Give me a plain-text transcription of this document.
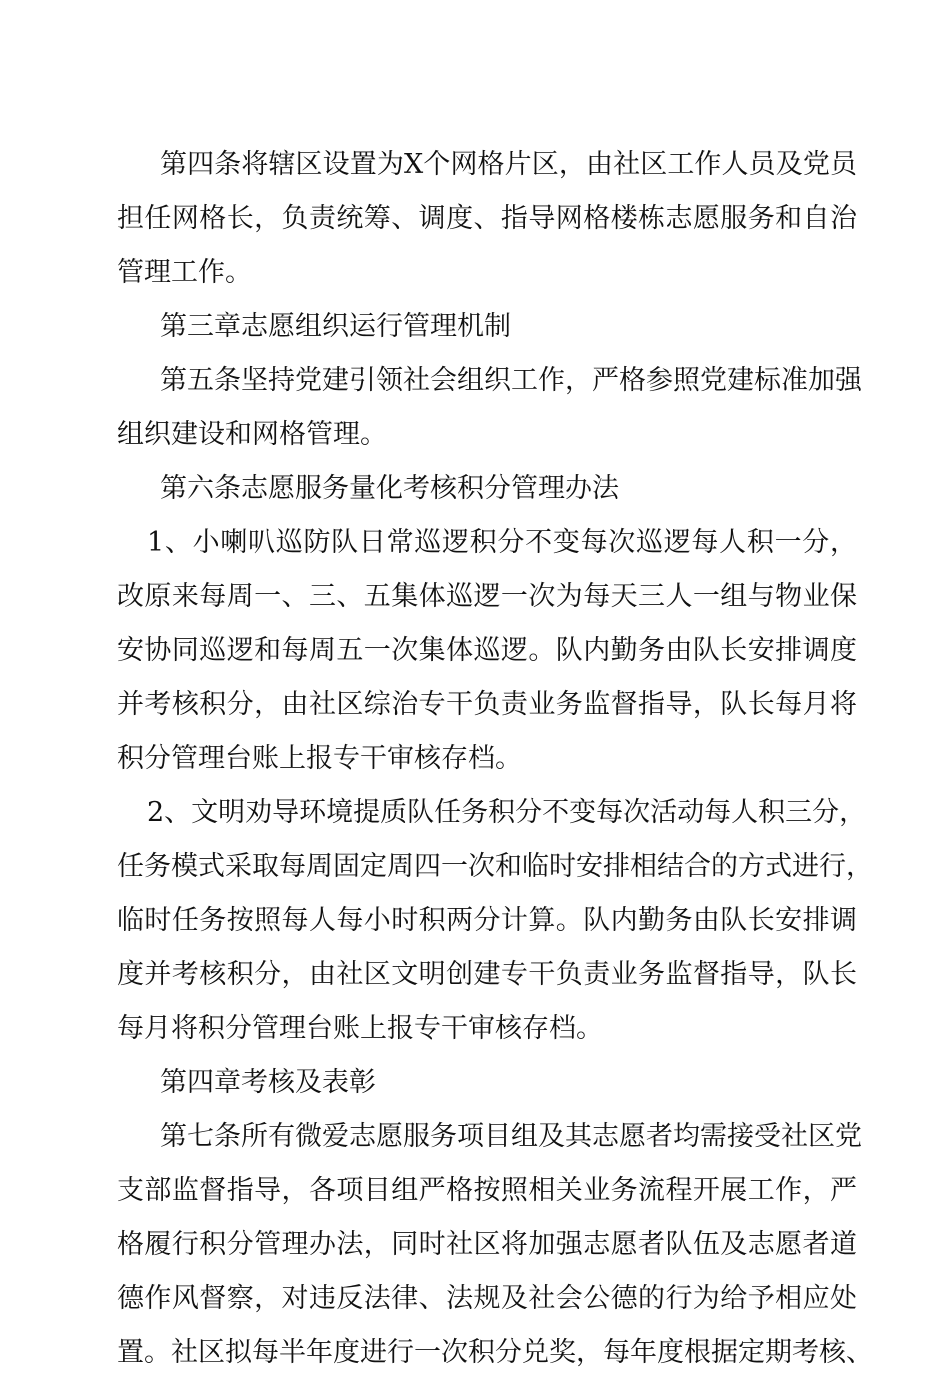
第四条将辖区设置为X个网格片区，由社区工作人员及党员
担任网格长，负责统筹、调度、指导网格楼栋志愿服务和自治
管理工作。
第三章志愿组织运行管理机制
第五条坚持党建引领社会组织工作，严格参照党建标准加强
组织建设和网格管理。
第六条志愿服务量化考核积分管理办法
1、小喇叭巡防队日常巡逻积分不变每次巡逻每人积一分，
改原来每周一、三、五集体巡逻一次为每天三人一组与物业保
安协同巡逻和每周五一次集体巡逻。队内勤务由队长安排调度
并考核积分，由社区综治专干负责业务监督指导，队长每月将
积分管理台账上报专干审核存档。
2、文明劝导环境提质队任务积分不变每次活动每人积三分，
任务模式采取每周固定周四一次和临时安排相结合的方式进行，
临时任务按照每人每小时积两分计算。队内勤务由队长安排调
度并考核积分，由社区文明创建专干负责业务监督指导，队长
每月将积分管理台账上报专干审核存档。
第四章考核及表彰
第七条所有微爱志愿服务项目组及其志愿者均需接受社区党
支部监督指导，各项目组严格按照相关业务流程开展工作，严
格履行积分管理办法，同时社区将加强志愿者队伍及志愿者道
德作风督察，对违反法律、法规及社会公德的行为给予相应处
置。社区拟每半年度进行一次积分兑奖，每年度根据定期考核、
